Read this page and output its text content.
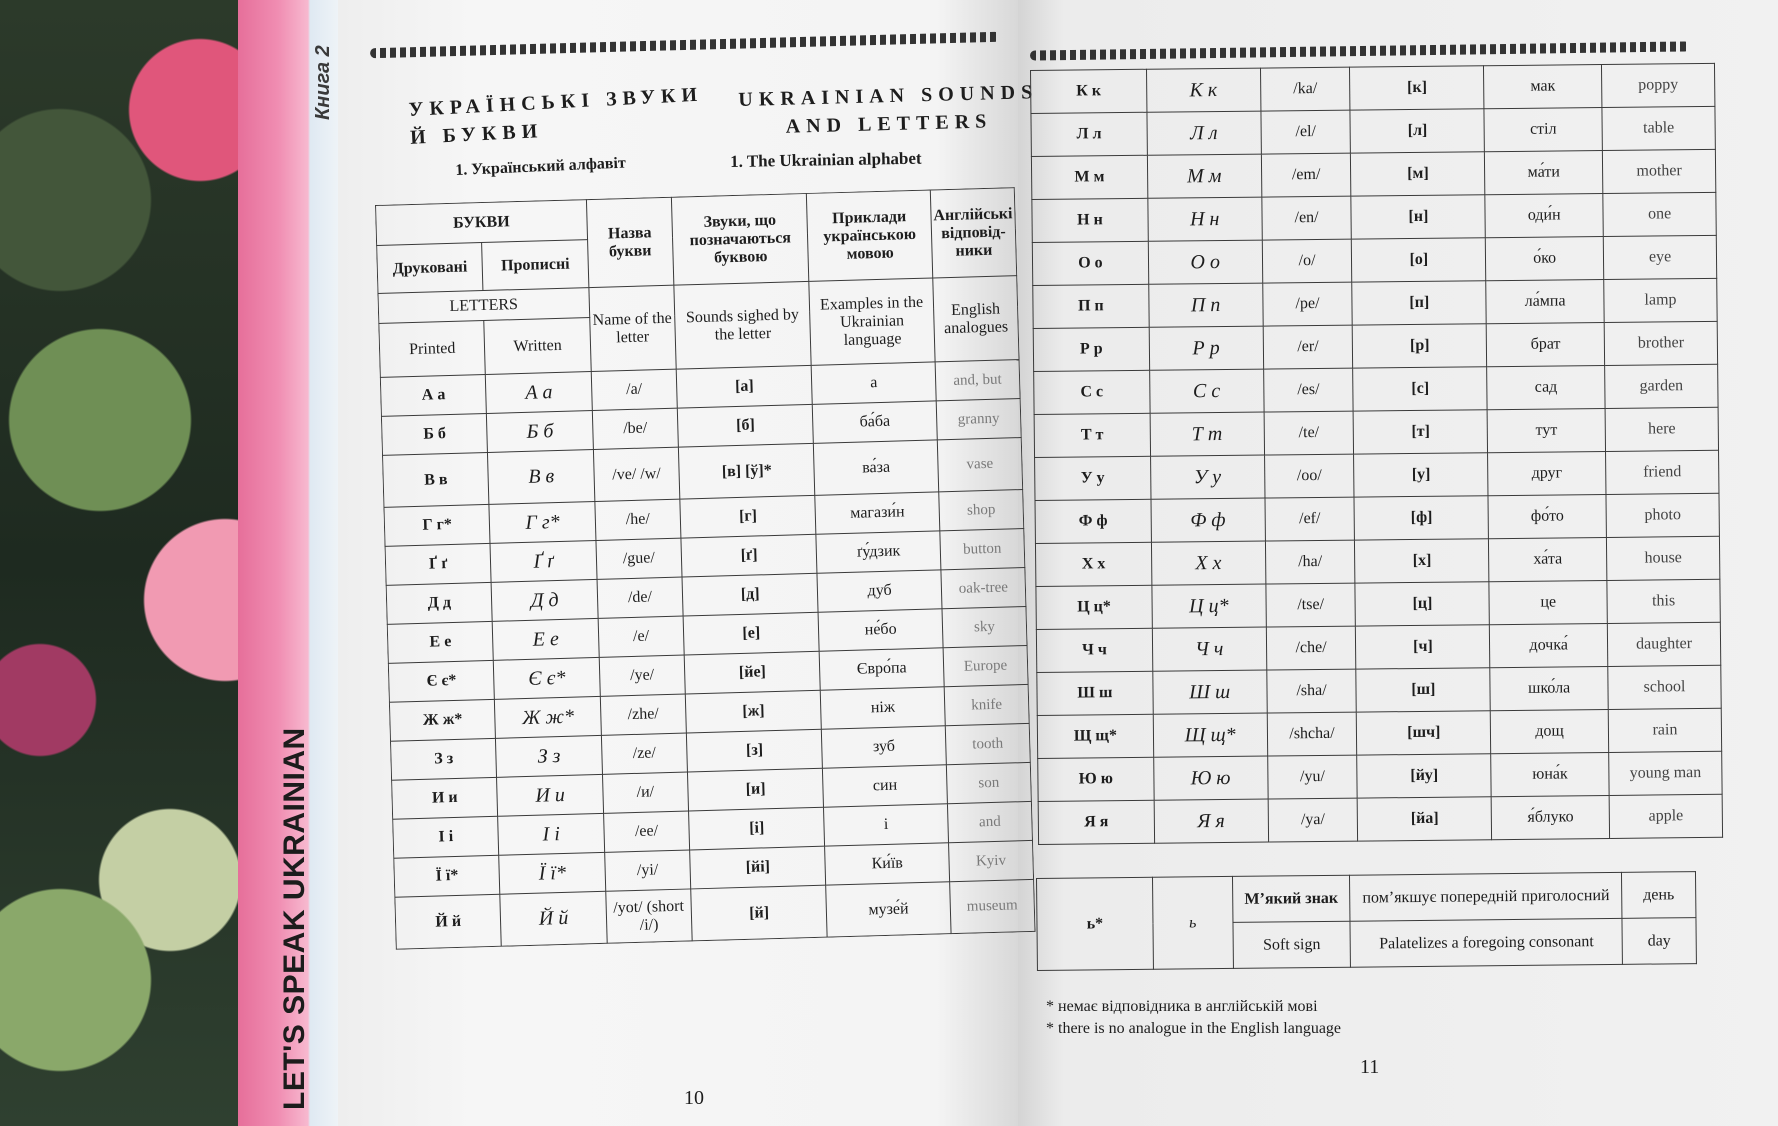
LET'S SPEAK UKRAINIAN
Книга 2	УКРАЇНСЬКІ ЗВУКИ
Й БУКВИ
UKRAINIAN SOUNDS
AND LETTERS
1. Український алфавіт	1. The Ukrainian alphabet
БУКВИ		Назва букви	Звуки, що позначаються буквою	Приклади українською мовою	Англійські відповід-ники
Друковані	Прописні				
LETTERS		Name of the letter	Sounds sighed by the letter	Examples in the Ukrainian language	English analogues
Printed	Written				
А а	А а	/a/	[а]	а	and, but
Б б	Б б	/be/	[б]	ба́ба	granny
В в	В в	/ve/ /w/	[в] [ў]*	ва́за	vase
Г г*	Г г*	/he/	[г]	магази́н	shop
Ґ ґ	Ґ ґ	/gue/	[ґ]	ґу́дзик	button
Д д	Д д	/de/	[д]	дуб	oak-tree
Е е	Е е	/e/	[е]	не́бо	sky
Є є*	Є є*	/ye/	[йе]	Євро́па	Europe
Ж ж*	Ж ж*	/zhe/	[ж]	ніж	knife
З з	З з	/ze/	[з]	зуб	tooth
И и	И и	/и/	[и]	син	son
І і	І і	/ee/	[і]	і	and
Ї ї*	Ї ї*	/yi/	[йі]	Ки́їв	Kyiv
Й й	Й й	/yot/ (short /i/)	[й]	музе́й	museum
К к	К к	/ka/	[к]	мак	poppy
Л л	Л л	/el/	[л]	стіл	table
М м	М м	/em/	[м]	ма́ти	mother
Н н	Н н	/en/	[н]	оди́н	one
О о	О о	/o/	[о]	о́ко	eye
П п	П п	/pe/	[п]	ла́мпа	lamp
Р р	Р р	/er/	[р]	брат	brother
С с	С с	/es/	[с]	сад	garden
Т т	Т т	/te/	[т]	тут	here
У у	У у	/oo/	[у]	друг	friend
Ф ф	Ф ф	/ef/	[ф]	фо́то	photo
Х х	Х х	/ha/	[х]	ха́та	house
Ц ц*	Ц ц*	/tse/	[ц]	це	this
Ч ч	Ч ч	/che/	[ч]	дочка́	daughter
Ш ш	Ш ш	/sha/	[ш]	шко́ла	school
Щ щ*	Щ щ*	/shcha/	[шч]	дощ	rain
Ю ю	Ю ю	/yu/	[йу]	юна́к	young man
Я я	Я я	/ya/	[йа]	я́блуко	apple
ь*	ь	М’який знак	пом’якшує попередній приголосний	день
		Soft sign	Palatelizes a foregoing consonant	day
* немає відповідника в англійській мові
* there is no analogue in the English language
10
11
